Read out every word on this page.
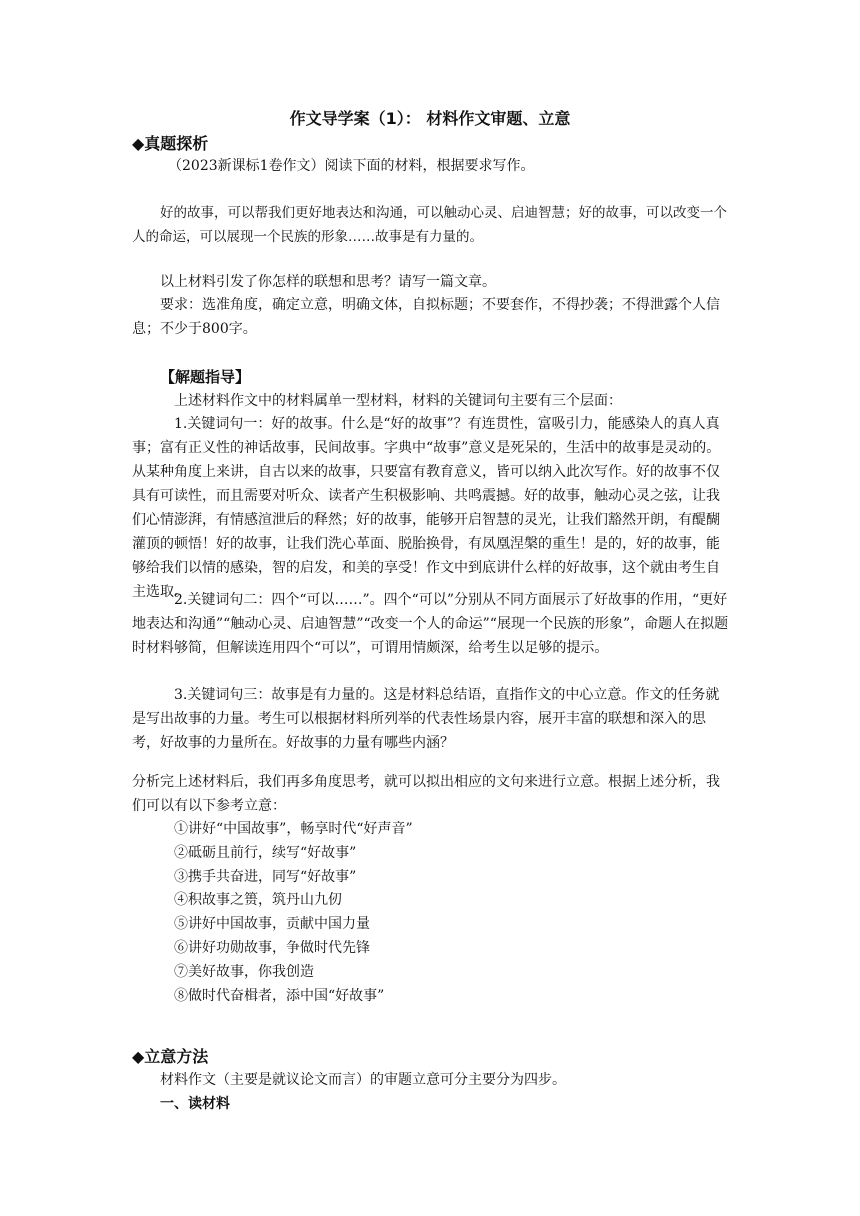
作文导学案（1）： 材料作文审题、立意
◆真题探析
（2023新课标1卷作文）阅读下面的材料，根据要求写作。
好的故事，可以帮我们更好地表达和沟通，可以触动心灵、启迪智慧；好的故事，可以改变一个人的命运，可以展现一个民族的形象……故事是有力量的。
以上材料引发了你怎样的联想和思考？请写一篇文章。
要求：选准角度，确定立意，明确文体，自拟标题；不要套作，不得抄袭；不得泄露个人信息；不少于800字。
【解题指导】
上述材料作文中的材料属单一型材料，材料的关键词句主要有三个层面：
1.关键词句一：好的故事。什么是“好的故事”？有连贯性，富吸引力，能感染人的真人真事；富有正义性的神话故事，民间故事。字典中“故事”意义是死呆的，生活中的故事是灵动的。从某种角度上来讲，自古以来的故事，只要富有教育意义，皆可以纳入此次写作。好的故事不仅具有可读性，而且需要对听众、读者产生积极影响、共鸣震撼。好的故事，触动心灵之弦，让我们心情澎湃，有情感渲泄后的释然；好的故事，能够开启智慧的灵光，让我们豁然开朗，有醍醐灌顶的顿悟！好的故事，让我们洗心革面、脱胎换骨，有凤凰涅槃的重生！是的，好的故事，能够给我们以情的感染，智的启发，和美的享受！作文中到底讲什么样的好故事，这个就由考生自主选取。
2.关键词句二：四个“可以……”。四个“可以”分别从不同方面展示了好故事的作用，“更好地表达和沟通”“触动心灵、启迪智慧”“改变一个人的命运”“展现一个民族的形象”，命题人在拟题时材料够简，但解读连用四个“可以”，可谓用情颇深，给考生以足够的提示。
3.关键词句三：故事是有力量的。这是材料总结语，直指作文的中心立意。作文的任务就是写出故事的力量。考生可以根据材料所列举的代表性场景内容，展开丰富的联想和深入的思考，好故事的力量所在。好故事的力量有哪些内涵？
分析完上述材料后，我们再多角度思考，就可以拟出相应的文句来进行立意。根据上述分析，我们可以有以下参考立意：
①讲好“中国故事”，畅享时代“好声音”
②砥砺且前行，续写“好故事”
③携手共奋进，同写“好故事”
④积故事之篑，筑丹山九仞
⑤讲好中国故事，贡献中国力量
⑥讲好功勋故事，争做时代先锋
⑦美好故事，你我创造
⑧做时代奋楫者，添中国“好故事”
◆立意方法
材料作文（主要是就议论文而言）的审题立意可分主要分为四步。
一、读材料
